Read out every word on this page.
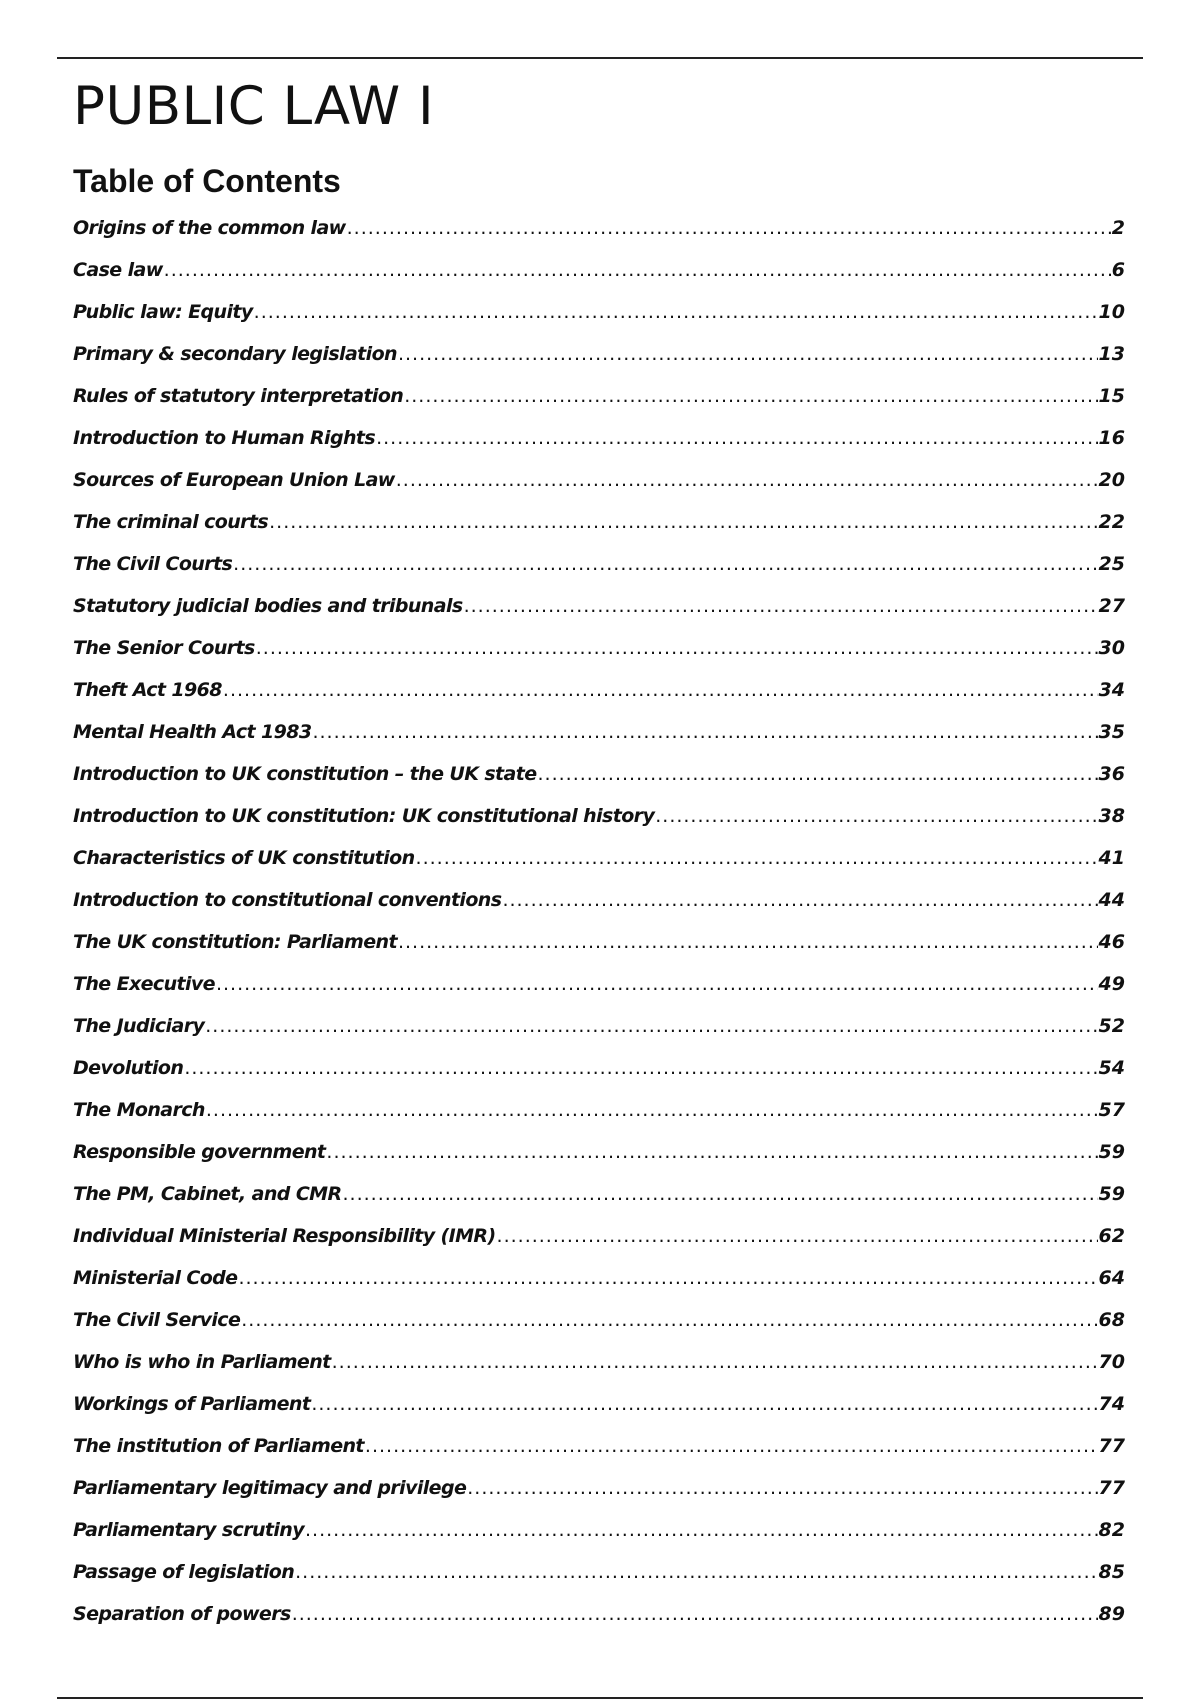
PUBLIC LAW I
Table of Contents
Origins of the common law .....	2
Case law .....	6
Public law: Equity .....	10
Primary & secondary legislation .....	13
Rules of statutory interpretation .....	15
Introduction to Human Rights .....	16
Sources of European Union Law .....	20
The criminal courts .....	22
The Civil Courts .....	25
Statutory judicial bodies and tribunals .....	27
The Senior Courts .....	30
Theft Act 1968 .....	34
Mental Health Act 1983 .....	35
Introduction to UK constitution – the UK state .....	36
Introduction to UK constitution: UK constitutional history .....	38
Characteristics of UK constitution .....	41
Introduction to constitutional conventions .....	44
The UK constitution: Parliament .....	46
The Executive .....	49
The Judiciary .....	52
Devolution .....	54
The Monarch .....	57
Responsible government .....	59
The PM, Cabinet, and CMR .....	59
Individual Ministerial Responsibility (IMR) .....	62
Ministerial Code .....	64
The Civil Service .....	68
Who is who in Parliament .....	70
Workings of Parliament .....	74
The institution of Parliament .....	77
Parliamentary legitimacy and privilege .....	77
Parliamentary scrutiny .....	82
Passage of legislation .....	85
Separation of powers .....	89
